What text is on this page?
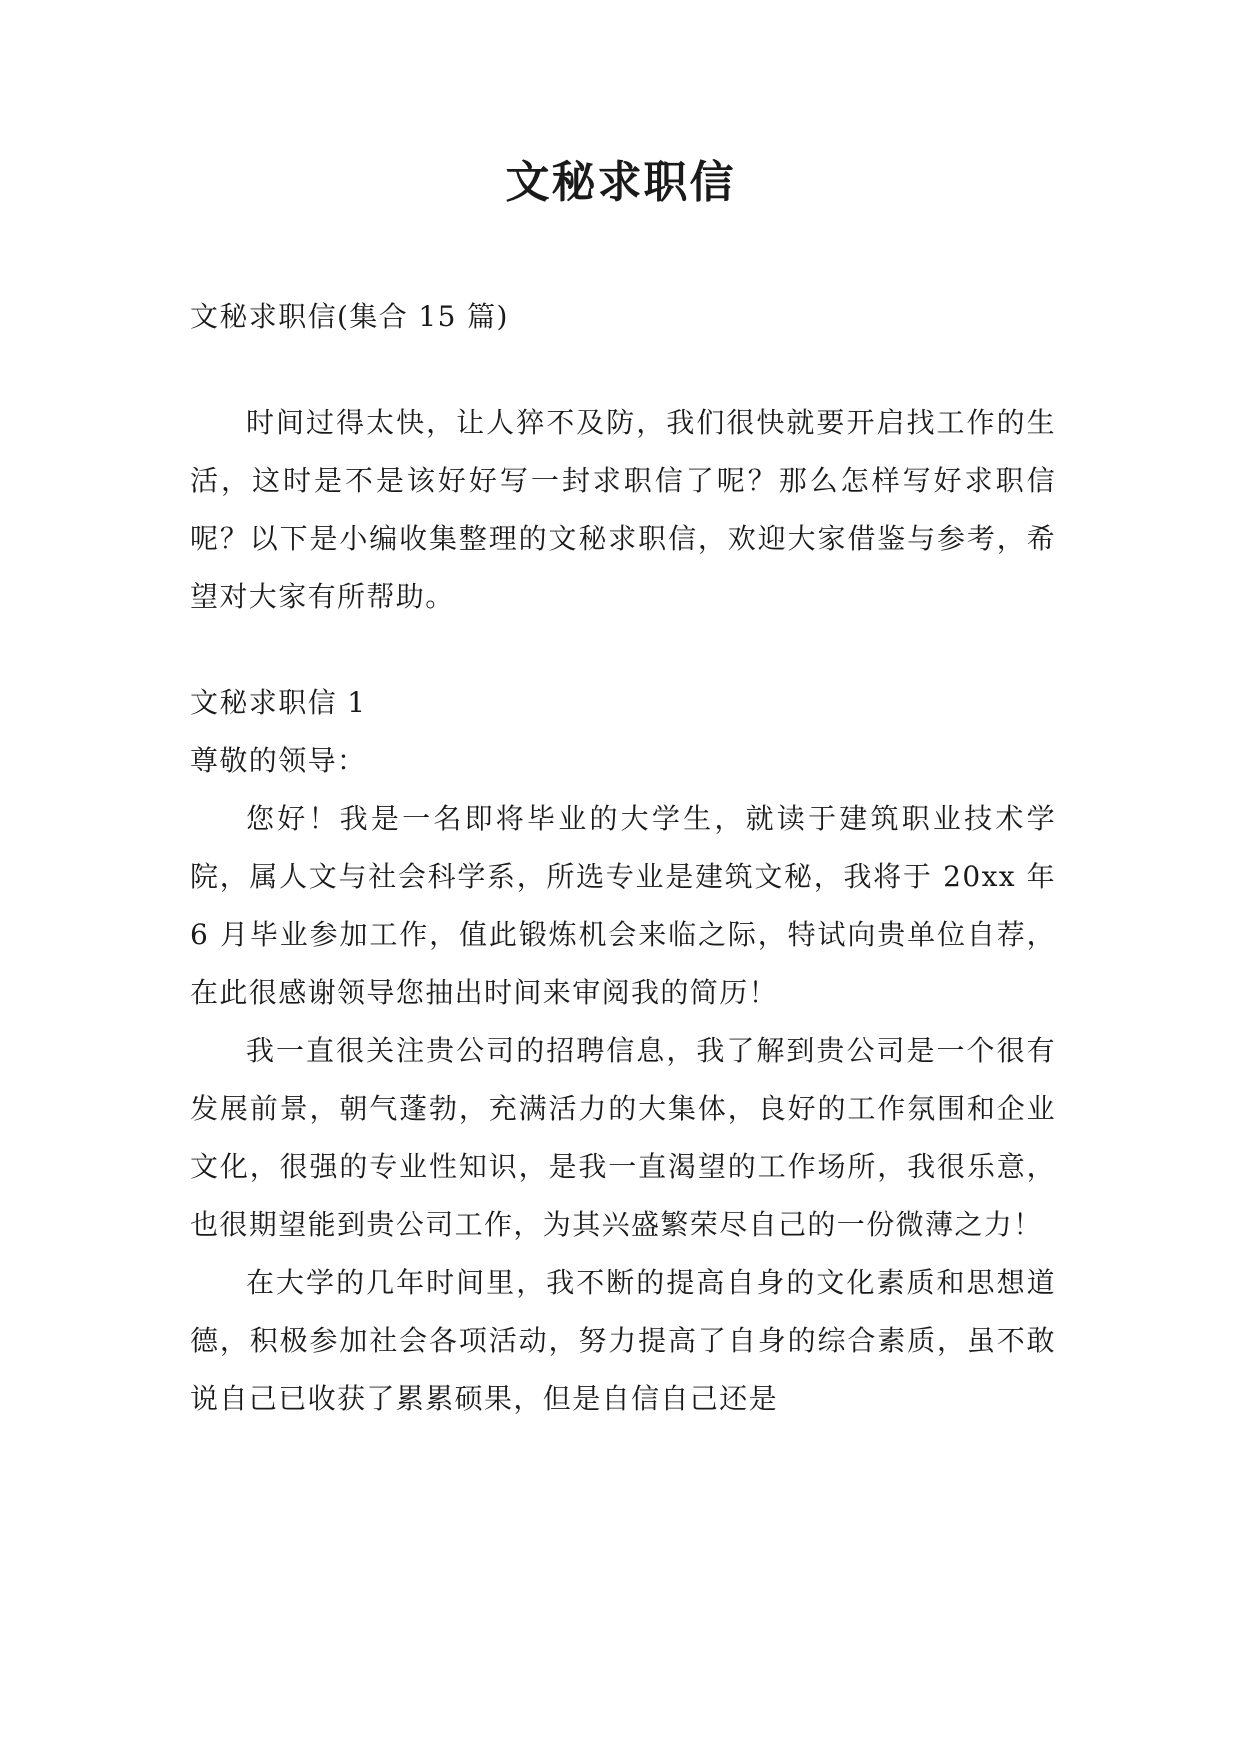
文秘求职信

文秘求职信(集合 15 篇)

时间过得太快，让人猝不及防，我们很快就要开启找工作的生活，这时是不是该好好写一封求职信了呢？那么怎样写好求职信呢？以下是小编收集整理的文秘求职信，欢迎大家借鉴与参考，希望对大家有所帮助。

文秘求职信 1

尊敬的领导：

您好！我是一名即将毕业的大学生，就读于建筑职业技术学院，属人文与社会科学系，所选专业是建筑文秘，我将于 20xx 年 6 月毕业参加工作，值此锻炼机会来临之际，特试向贵单位自荐，在此很感谢领导您抽出时间来审阅我的简历！

我一直很关注贵公司的招聘信息，我了解到贵公司是一个很有发展前景，朝气蓬勃，充满活力的大集体，良好的工作氛围和企业文化，很强的专业性知识，是我一直渴望的工作场所，我很乐意，也很期望能到贵公司工作，为其兴盛繁荣尽自己的一份微薄之力！

在大学的几年时间里，我不断的提高自身的文化素质和思想道德，积极参加社会各项活动，努力提高了自身的综合素质，虽不敢说自己已收获了累累硕果，但是自信自己还是
